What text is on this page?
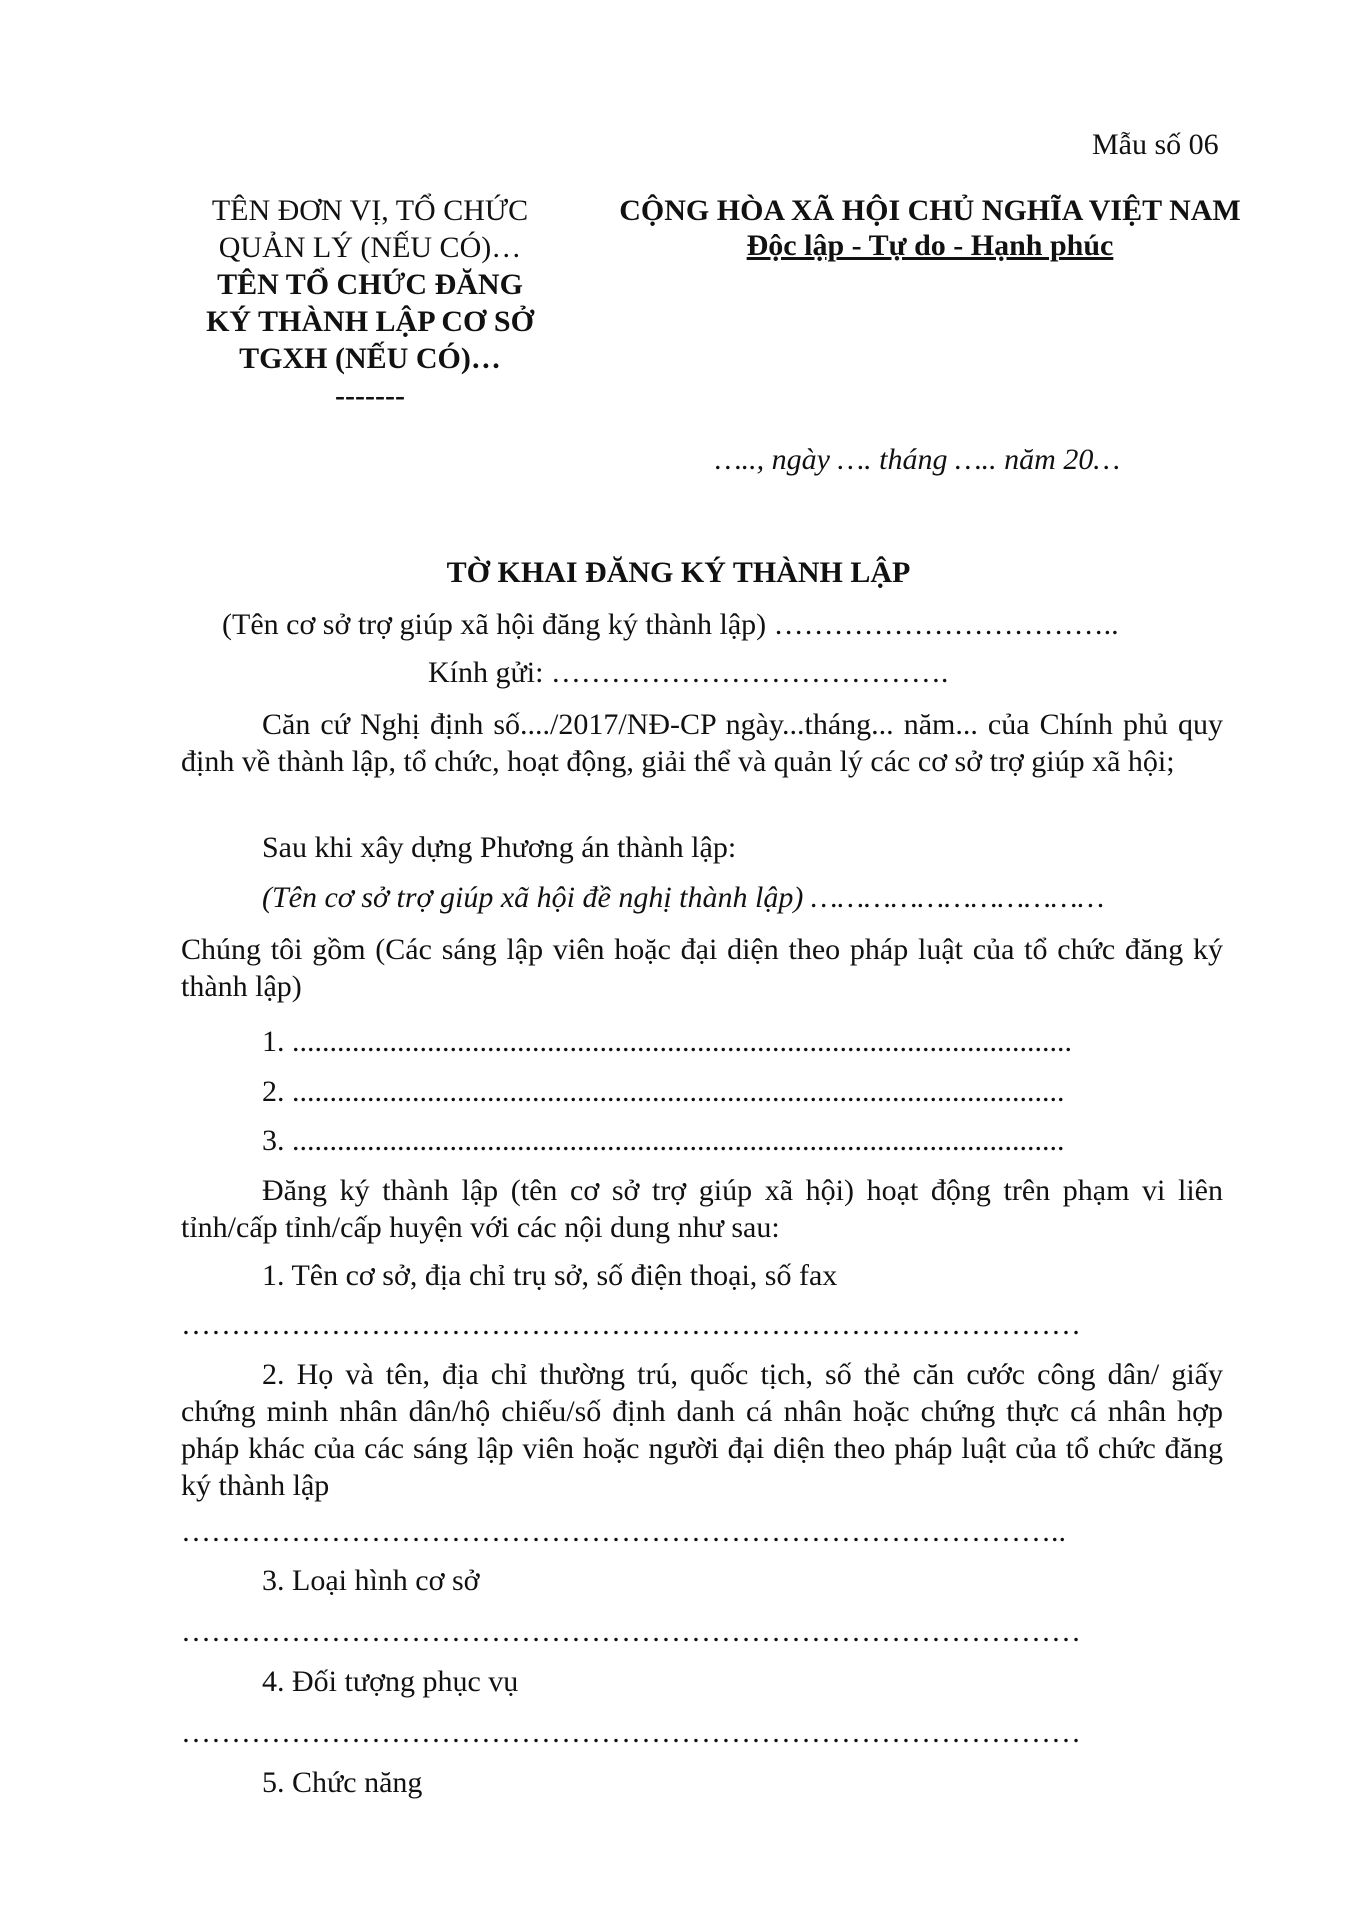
Mẫu số 06
TÊN ĐƠN VỊ, TỔ CHỨC
QUẢN LÝ (NẾU CÓ)…
TÊN TỔ CHỨC ĐĂNG
KÝ THÀNH LẬP CƠ SỞ
TGXH (NẾU CÓ)…
-------
CỘNG HÒA XÃ HỘI CHỦ NGHĨA VIỆT NAM
Độc lập - Tự do - Hạnh phúc
….., ngày …. tháng ….. năm 20…
TỜ KHAI ĐĂNG KÝ THÀNH LẬP
(Tên cơ sở trợ giúp xã hội đăng ký thành lập) ……………………………..
Kính gửi: ………………………………….
Căn cứ Nghị định số..../2017/NĐ-CP ngày...tháng... năm... của Chính phủ quy định về thành lập, tổ chức, hoạt động, giải thể và quản lý các cơ sở trợ giúp xã hội;
Sau khi xây dựng Phương án thành lập:
(Tên cơ sở trợ giúp xã hội đề nghị thành lập) ……………………………
Chúng tôi gồm (Các sáng lập viên hoặc đại diện theo pháp luật của tổ chức đăng ký thành lập)
1. ........................................................................................................
2. .......................................................................................................
3. .......................................................................................................
Đăng ký thành lập (tên cơ sở trợ giúp xã hội) hoạt động trên phạm vi liên tỉnh/cấp tỉnh/cấp huyện với các nội dung như sau:
1. Tên cơ sở, địa chỉ trụ sở, số điện thoại, số fax
………………………………………………………………………………
2. Họ và tên, địa chỉ thường trú, quốc tịch, số thẻ căn cước công dân/ giấy chứng minh nhân dân/hộ chiếu/số định danh cá nhân hoặc chứng thực cá nhân hợp pháp khác của các sáng lập viên hoặc người đại diện theo pháp luật của tổ chức đăng ký thành lập
……………………………………………………………………………..
3. Loại hình cơ sở
………………………………………………………………………………
4. Đối tượng phục vụ
………………………………………………………………………………
5. Chức năng
